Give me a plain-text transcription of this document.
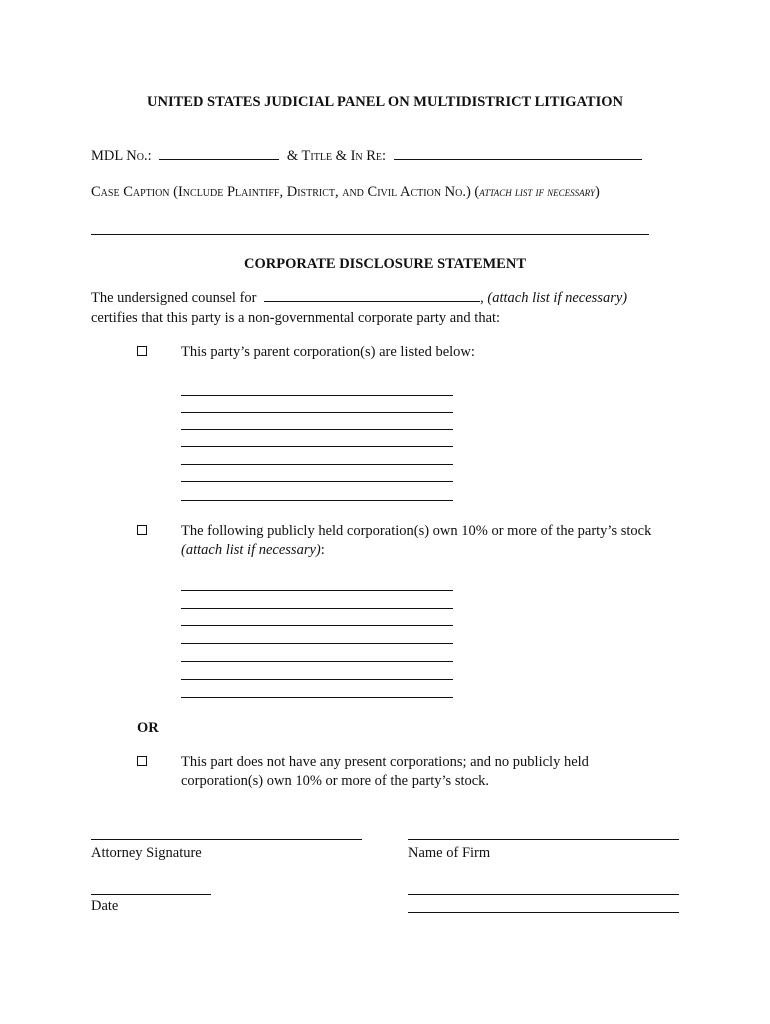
UNITED STATES JUDICIAL PANEL ON MULTIDISTRICT LITIGATION
MDL No.:	& Title & In Re:
Case Caption (Include Plaintiff, District, and Civil Action No.) (attach list if necessary)
CORPORATE DISCLOSURE STATEMENT
The undersigned counsel for	, (attach list if necessary)
certifies that this party is a non-governmental corporate party and that:
This party’s parent corporation(s) are listed below:
The following publicly held corporation(s) own 10% or more of the party’s stock
(attach list if necessary):
OR
This part does not have any present corporations; and no publicly held
corporation(s) own 10% or more of the party’s stock.
Attorney Signature	Name of Firm
Date
